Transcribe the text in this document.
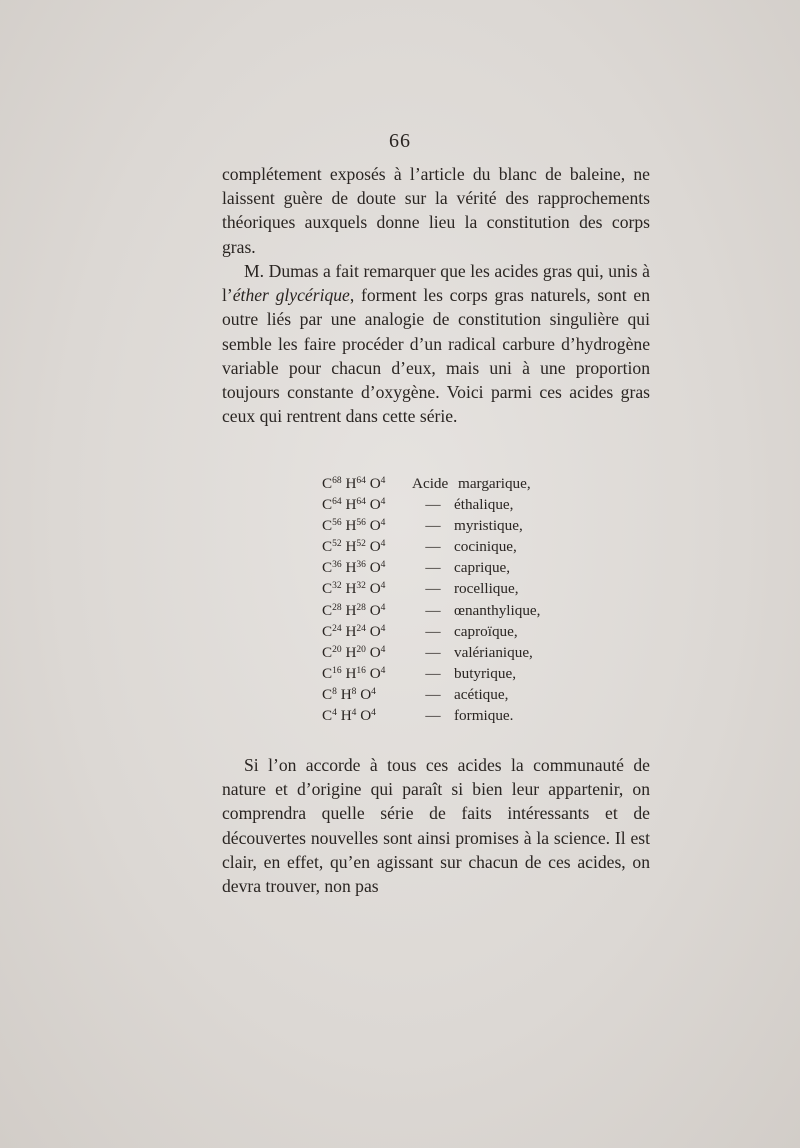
66

complétement exposés à l’article du blanc de baleine, ne laissent guère de doute sur la vérité des rapprochements théoriques auxquels donne lieu la constitution des corps gras.

M. Dumas a fait remarquer que les acides gras qui, unis à l’éther glycérique, forment les corps gras naturels, sont en outre liés par une analogie de constitution singulière qui semble les faire procéder d’un radical carbure d’hydrogène variable pour chacun d’eux, mais uni à une proportion toujours constante d’oxygène. Voici parmi ces acides gras ceux qui rentrent dans cette série.

$C^{68}$ $H^{64}$ $O^4$	Acide margarique,
$C^{64}$ $H^{64}$ $O^4$	— éthalique,
$C^{56}$ $H^{56}$ $O^4$	— myristique,
$C^{52}$ $H^{52}$ $O^4$	— cocinique,
$C^{36}$ $H^{36}$ $O^4$	— caprique,
$C^{32}$ $H^{32}$ $O^4$	— rocellique,
$C^{28}$ $H^{28}$ $O^4$	— œnanthylique,
$C^{24}$ $H^{24}$ $O^4$	— caproïque,
$C^{20}$ $H^{20}$ $O^4$	— valérianique,
$C^{16}$ $H^{16}$ $O^4$	— butyrique,
$C^8$ $H^8$ $O^4$	— acétique,
$C^4$ $H^4$ $O^4$	— formique.

Si l’on accorde à tous ces acides la communauté de nature et d’origine qui paraît si bien leur appartenir, on comprendra quelle série de faits intéressants et de découvertes nouvelles sont ainsi promises à la science. Il est clair, en effet, qu’en agissant sur chacun de ces acides, on devra trouver, non pas
